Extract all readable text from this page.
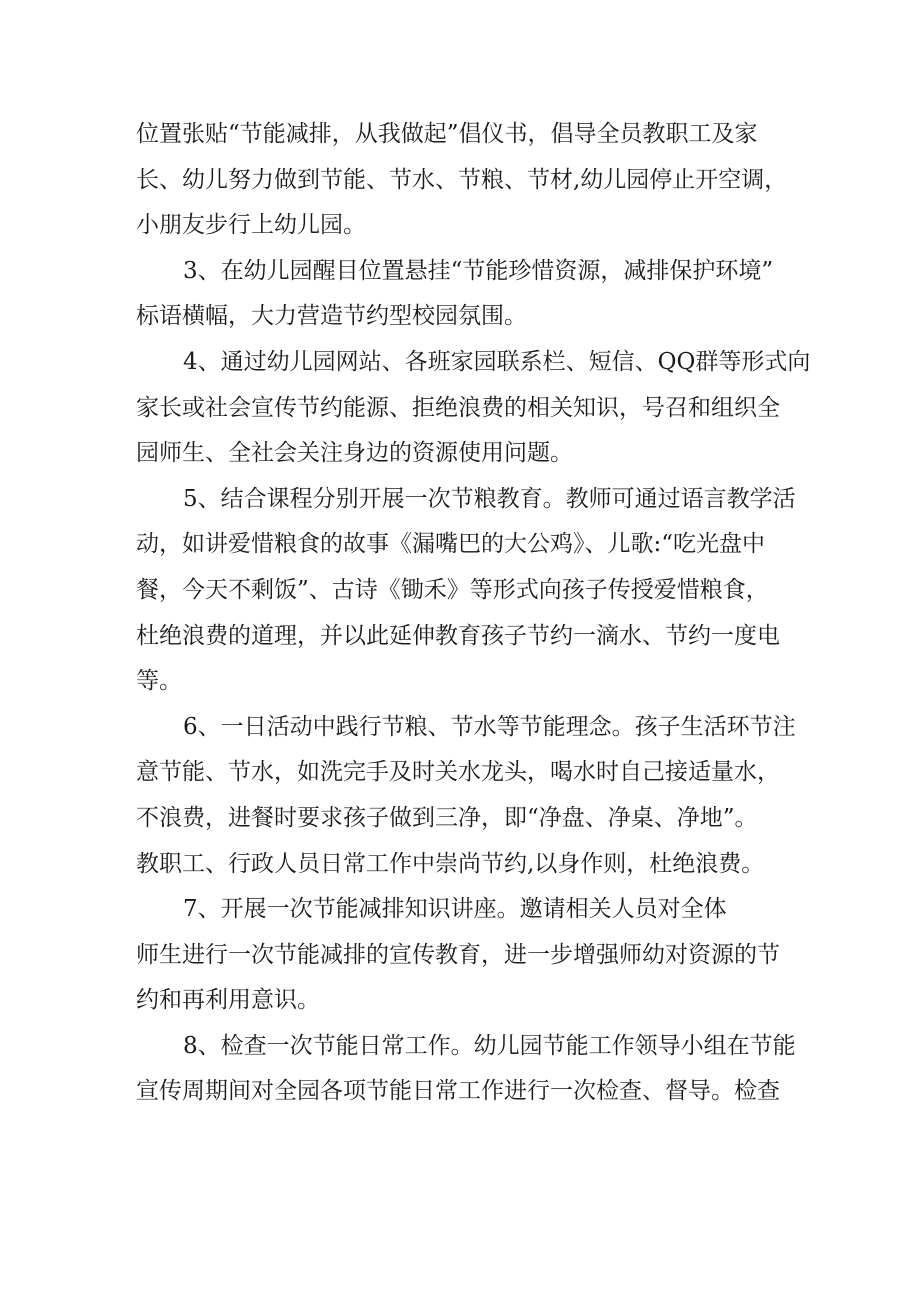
位置张贴“节能减排，从我做起”倡仪书，倡导全员教职工及家
长、幼儿努力做到节能、节水、节粮、节材,幼儿园停止开空调，
小朋友步行上幼儿园。
3、在幼儿园醒目位置悬挂“节能珍惜资源，减排保护环境”
标语横幅，大力营造节约型校园氛围。
4、通过幼儿园网站、各班家园联系栏、短信、QQ群等形式向
家长或社会宣传节约能源、拒绝浪费的相关知识，号召和组织全
园师生、全社会关注身边的资源使用问题。
5、结合课程分别开展一次节粮教育。教师可通过语言教学活
动，如讲爱惜粮食的故事《漏嘴巴的大公鸡》、儿歌:“吃光盘中
餐，今天不剩饭”、古诗《锄禾》等形式向孩子传授爱惜粮食，
杜绝浪费的道理，并以此延伸教育孩子节约一滴水、节约一度电
等。
6、一日活动中践行节粮、节水等节能理念。孩子生活环节注
意节能、节水，如洗完手及时关水龙头，喝水时自己接适量水，
不浪费，进餐时要求孩子做到三净，即“净盘、净桌、净地”。
教职工、行政人员日常工作中崇尚节约,以身作则，杜绝浪费。
7、开展一次节能减排知识讲座。邀请相关人员对全体
师生进行一次节能减排的宣传教育，进一步增强师幼对资源的节
约和再利用意识。
8、检查一次节能日常工作。幼儿园节能工作领导小组在节能
宣传周期间对全园各项节能日常工作进行一次检查、督导。检查
